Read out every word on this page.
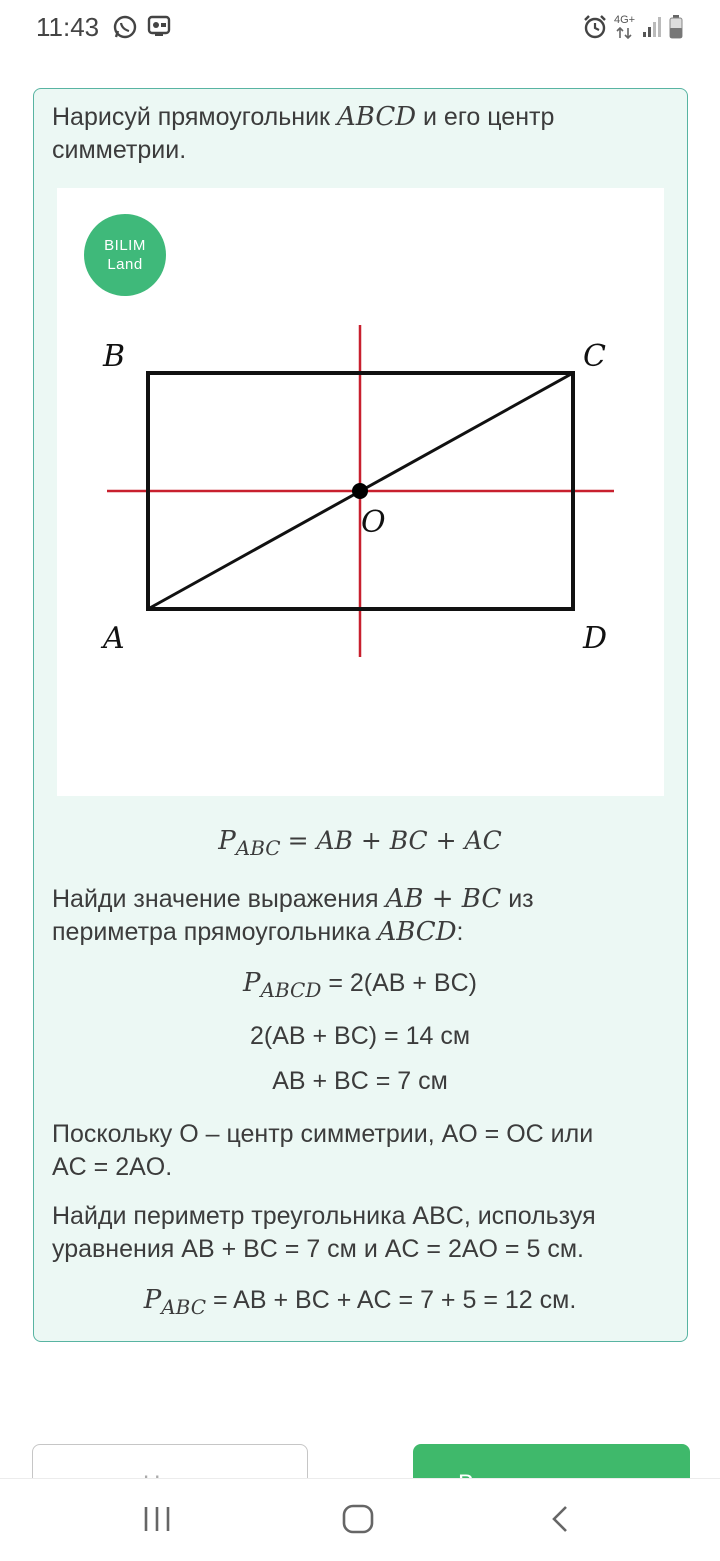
11:43	4G+
Нарисуй прямоугольник ABCD и его центр
симметрии.
BILIM
Land
B	C
A	D
O
$P_{ABC}$ = AB + BC + AC
Найди значение выражения AB + BC из
периметра прямоугольника ABCD:
$P_{ABCD} = 2(AB + BC)$
2(AB + BC) = 14 см
AB + BC = 7 см
Поскольку O – центр симметрии, AO = OC или
AC = 2AO.
Найди периметр треугольника ABC, используя
уравнения AB + BC = 7 см и AC = 2AO = 5 см.
$P_{ABC}$ = AB + BC + AC = 7 + 5 = 12 см.
